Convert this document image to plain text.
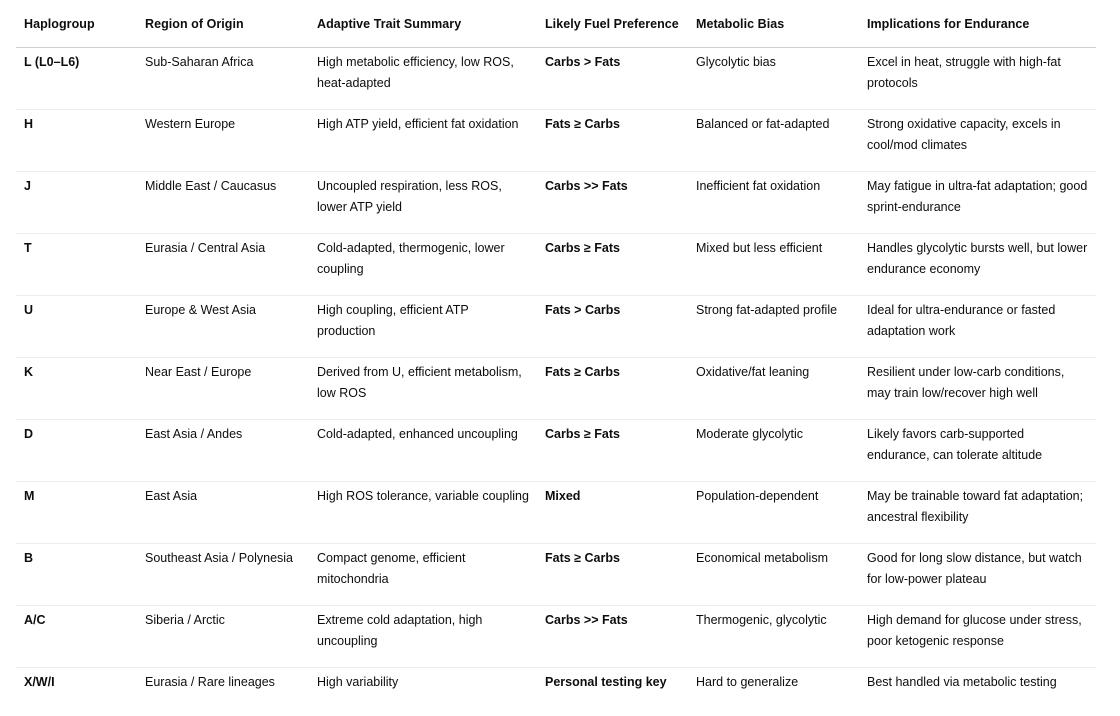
Haplogroup	Region of Origin	Adaptive Trait Summary	Likely Fuel Preference	Metabolic Bias	Implications for Endurance
L (L0–L6)	Sub-Saharan Africa	High metabolic efficiency, low ROS, heat-adapted	Carbs > Fats	Glycolytic bias	Excel in heat, struggle with high-fat protocols
H	Western Europe	High ATP yield, efficient fat oxidation	Fats ≥ Carbs	Balanced or fat-adapted	Strong oxidative capacity, excels in cool/mod climates
J	Middle East / Caucasus	Uncoupled respiration, less ROS, lower ATP yield	Carbs >> Fats	Inefficient fat oxidation	May fatigue in ultra-fat adaptation; good sprint-endurance
T	Eurasia / Central Asia	Cold-adapted, thermogenic, lower coupling	Carbs ≥ Fats	Mixed but less efficient	Handles glycolytic bursts well, but lower endurance economy
U	Europe & West Asia	High coupling, efficient ATP production	Fats > Carbs	Strong fat-adapted profile	Ideal for ultra-endurance or fasted adaptation work
K	Near East / Europe	Derived from U, efficient metabolism, low ROS	Fats ≥ Carbs	Oxidative/fat leaning	Resilient under low-carb conditions, may train low/recover high well
D	East Asia / Andes	Cold-adapted, enhanced uncoupling	Carbs ≥ Fats	Moderate glycolytic	Likely favors carb-supported endurance, can tolerate altitude
M	East Asia	High ROS tolerance, variable coupling	Mixed	Population-dependent	May be trainable toward fat adaptation; ancestral flexibility
B	Southeast Asia / Polynesia	Compact genome, efficient mitochondria	Fats ≥ Carbs	Economical metabolism	Good for long slow distance, but watch for low-power plateau
A/C	Siberia / Arctic	Extreme cold adaptation, high uncoupling	Carbs >> Fats	Thermogenic, glycolytic	High demand for glucose under stress, poor ketogenic response
X/W/I	Eurasia / Rare lineages	High variability	Personal testing key	Hard to generalize	Best handled via metabolic testing
